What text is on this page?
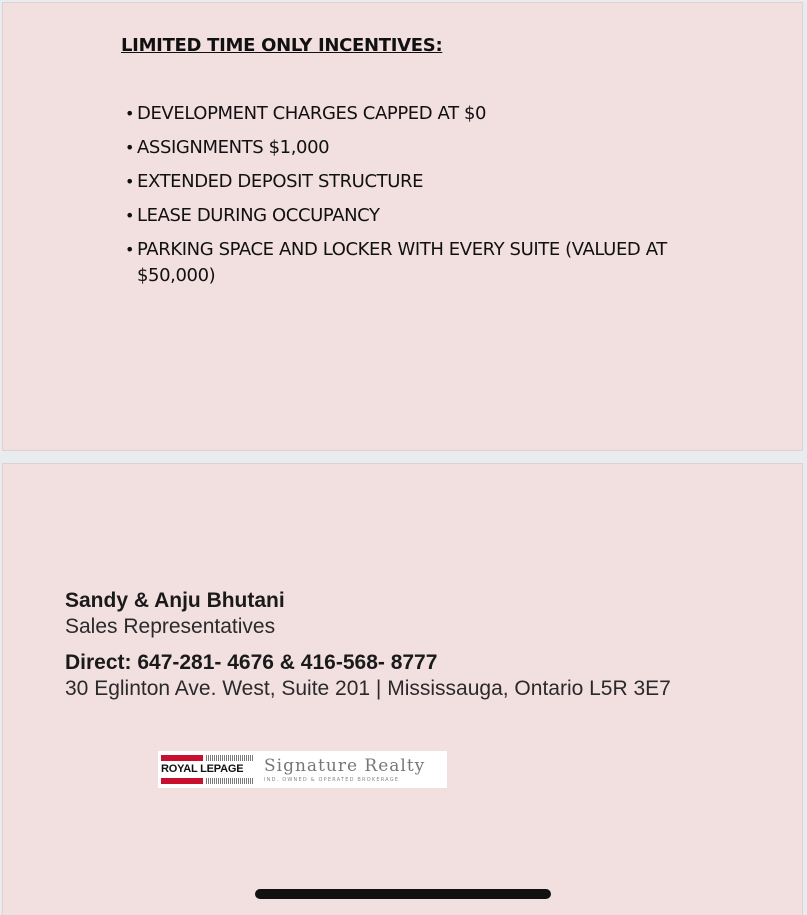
LIMITED TIME ONLY INCENTIVES:
• DEVELOPMENT CHARGES CAPPED AT $0
• ASSIGNMENTS $1,000
• EXTENDED DEPOSIT STRUCTURE
• LEASE DURING OCCUPANCY
• PARKING SPACE AND LOCKER WITH EVERY SUITE (VALUED AT $50,000)
Sandy & Anju Bhutani
Sales Representatives
Direct: 647-281- 4676 & 416-568- 8777
30 Eglinton Ave. West, Suite 201 | Mississauga, Ontario L5R 3E7
ROYAL LEPAGE	Signature Realty
IND. OWNED & OPERATED BROKERAGE
